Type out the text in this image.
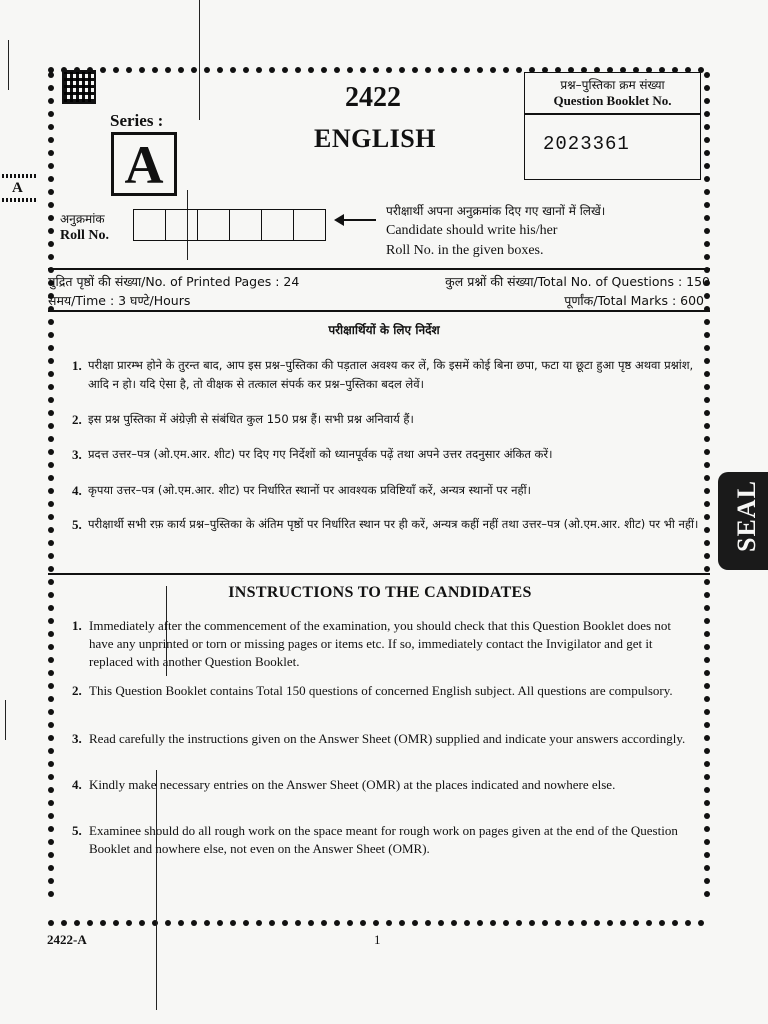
A
Series :
A
2422
ENGLISH
प्रश्न–पुस्तिका क्रम संख्या
Question Booklet No.
2023361
अनुक्रमांक
Roll No.
परीक्षार्थी अपना अनुक्रमांक दिए गए खानों में लिखें।
Candidate should write his/her
Roll No. in the given boxes.
मुद्रित पृष्ठों की संख्या/No. of Printed Pages : 24	कुल प्रश्नों की संख्या/Total No. of Questions : 150
समय/Time : 3 घण्टे/Hours	पूर्णांक/Total Marks : 600
परीक्षार्थियों के लिए निर्देश
1. परीक्षा प्रारम्भ होने के तुरन्त बाद, आप इस प्रश्न–पुस्तिका की पड़ताल अवश्य कर लें, कि इसमें कोई बिना छपा, फटा या छूटा हुआ पृष्ठ अथवा प्रश्नांश, आदि न हो। यदि ऐसा है, तो वीक्षक से तत्काल संपर्क कर प्रश्न–पुस्तिका बदल लेवें।
2. इस प्रश्न पुस्तिका में अंग्रेज़ी से संबंधित कुल 150 प्रश्न हैं। सभी प्रश्न अनिवार्य हैं।
3. प्रदत्त उत्तर–पत्र (ओ.एम.आर. शीट) पर दिए गए निर्देशों को ध्यानपूर्वक पढ़ें तथा अपने उत्तर तदनुसार अंकित करें।
4. कृपया उत्तर–पत्र (ओ.एम.आर. शीट) पर निर्धारित स्थानों पर आवश्यक प्रविष्टियाँ करें, अन्यत्र स्थानों पर नहीं।
5. परीक्षार्थी सभी रफ़ कार्य प्रश्न–पुस्तिका के अंतिम पृष्ठों पर निर्धारित स्थान पर ही करें, अन्यत्र कहीं नहीं तथा उत्तर–पत्र (ओ.एम.आर. शीट) पर भी नहीं।
INSTRUCTIONS TO THE CANDIDATES
1. Immediately after the commencement of the examination, you should check that this Question Booklet does not have any unprinted or torn or missing pages or items etc. If so, immediately contact the Invigilator and get it replaced with another Question Booklet.
2. This Question Booklet contains Total 150 questions of concerned English subject. All questions are compulsory.
3. Read carefully the instructions given on the Answer Sheet (OMR) supplied and indicate your answers accordingly.
4. Kindly make necessary entries on the Answer Sheet (OMR) at the places indicated and nowhere else.
5. Examinee should do all rough work on the space meant for rough work on pages given at the end of the Question Booklet and nowhere else, not even on the Answer Sheet (OMR).
2422-A	1
SEAL
